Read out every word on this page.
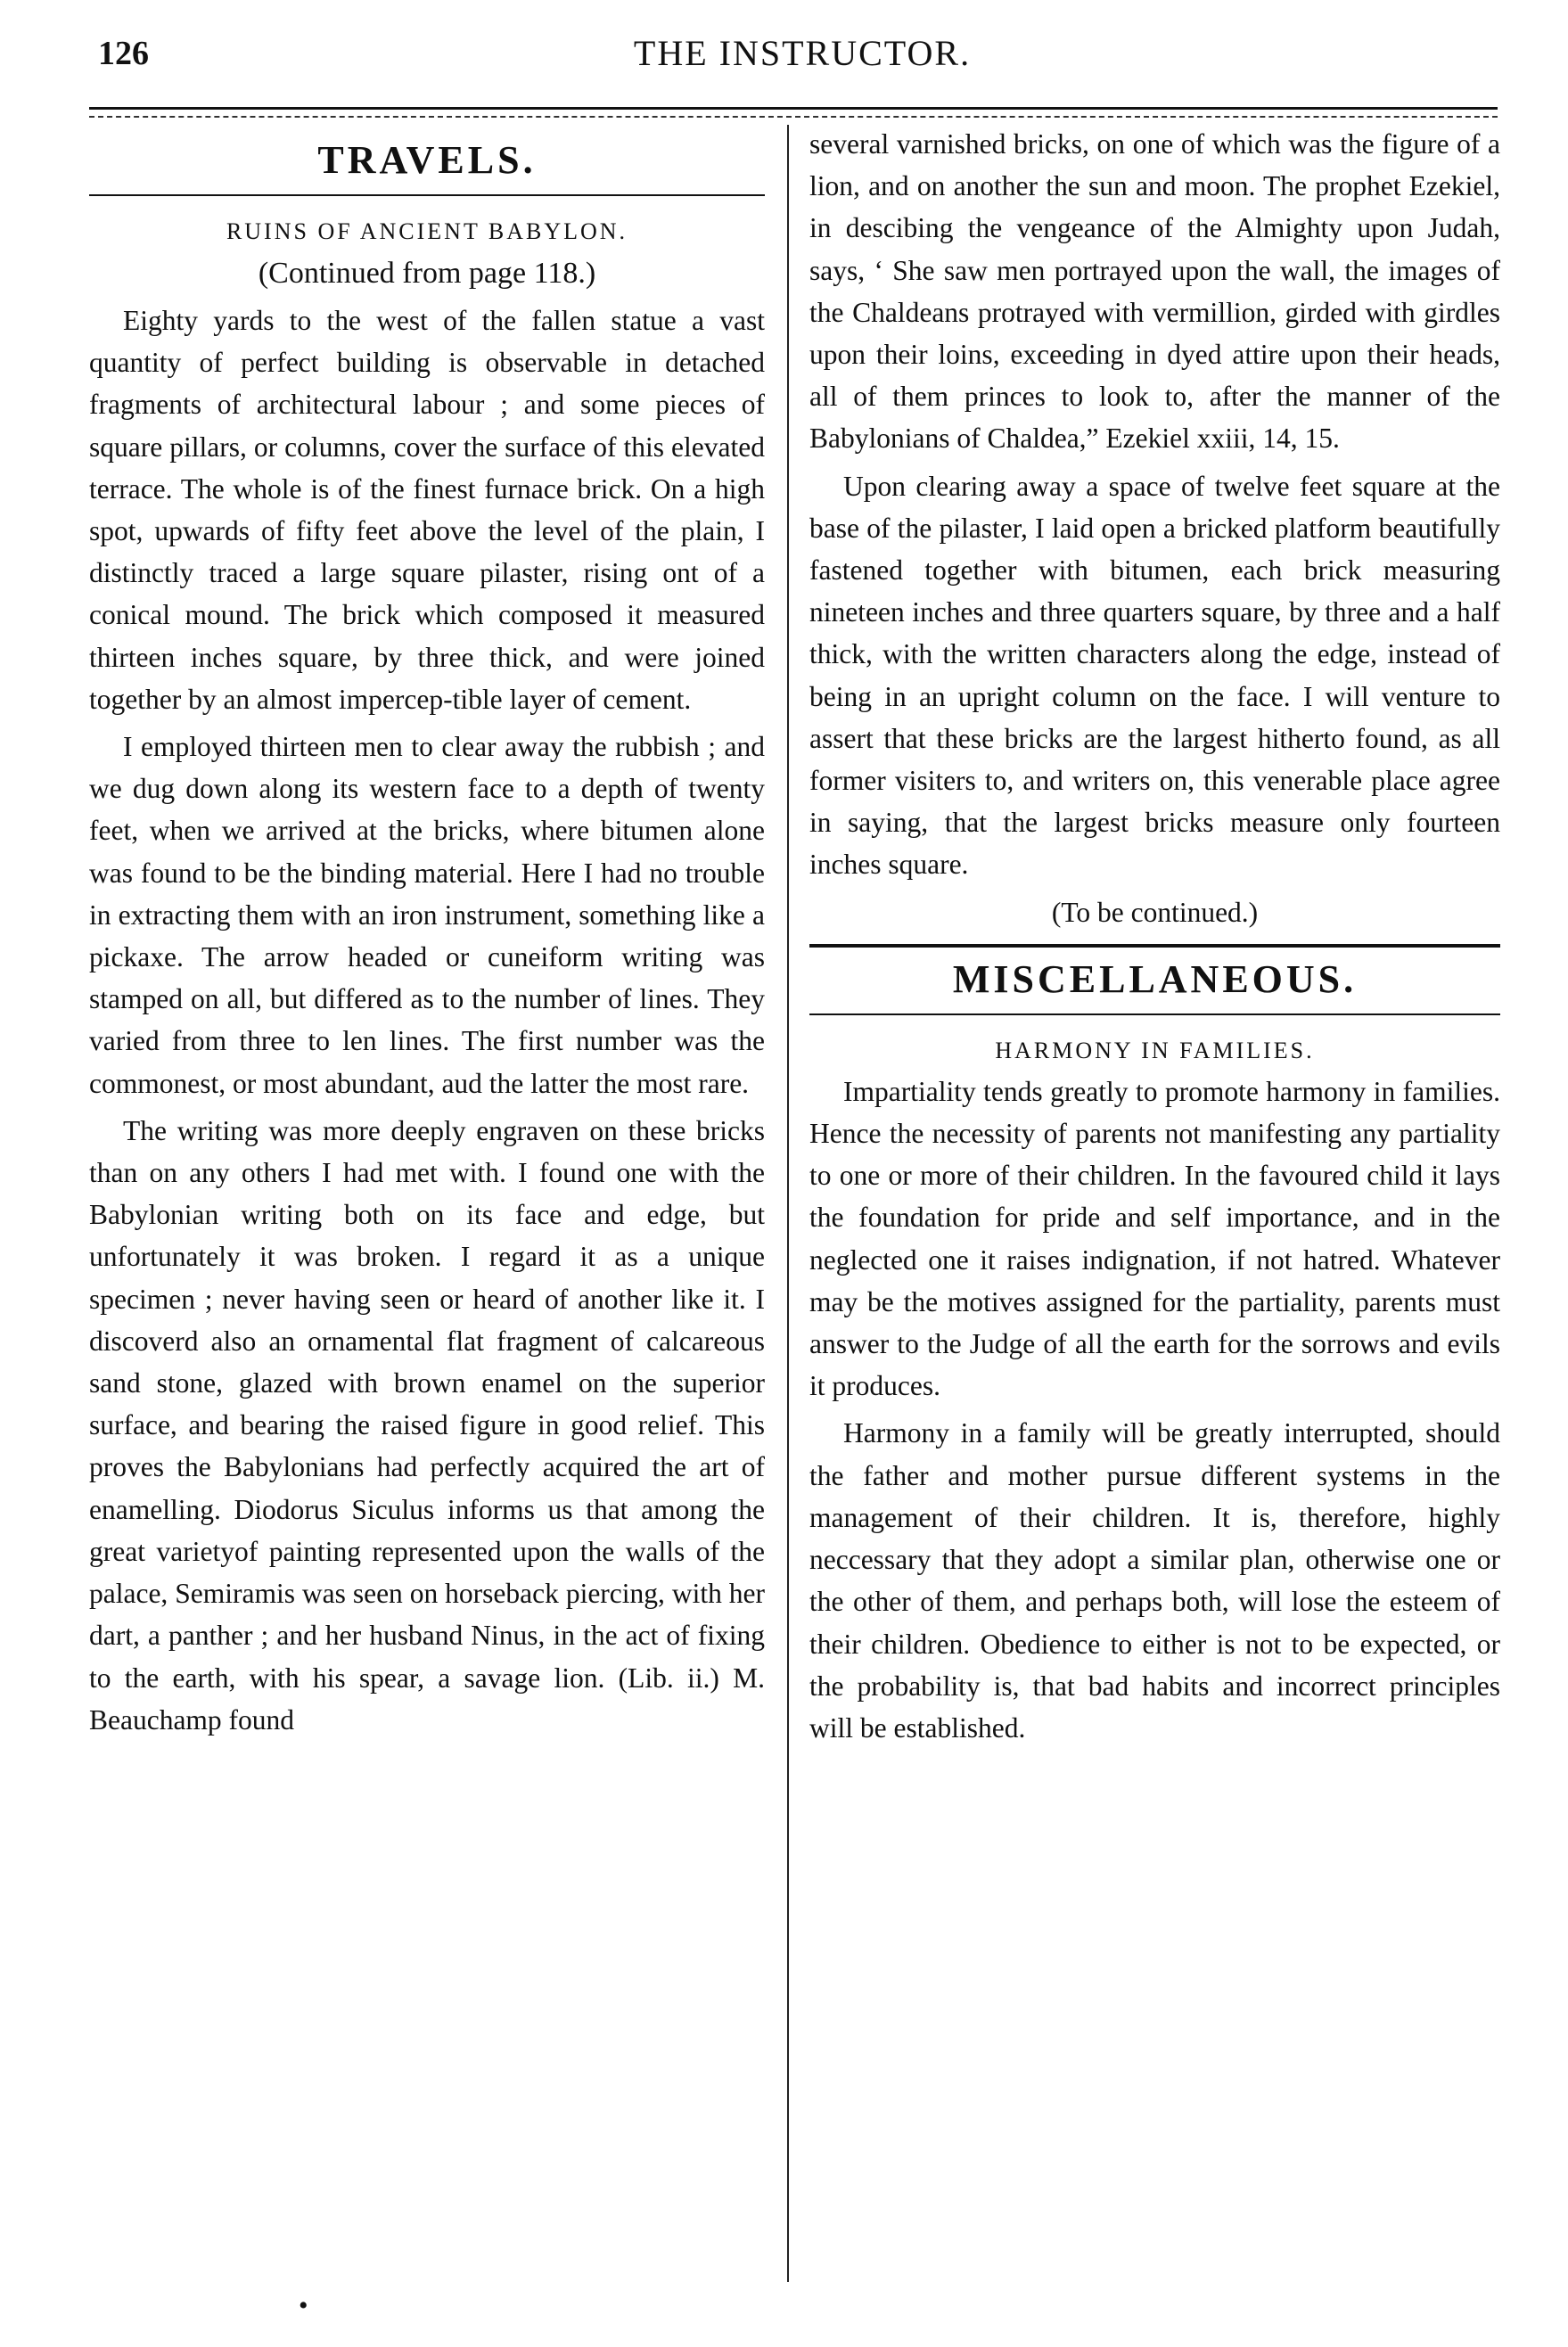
126	THE INSTRUCTOR.
TRAVELS.
RUINS OF ANCIENT BABYLON.
(Continued from page 118.)

Eighty yards to the west of the fallen statue a vast quantity of perfect building is observable in detached fragments of architectural labour ; and some pieces of square pillars, or columns, cover the surface of this elevated terrace. The whole is of the finest furnace brick. On a high spot, upwards of fifty feet above the level of the plain, I distinctly traced a large square pilaster, rising ont of a conical mound. The brick which composed it measured thirteen inches square, by three thick, and were joined together by an almost impercep-tible layer of cement.

I employed thirteen men to clear away the rubbish ; and we dug down along its western face to a depth of twenty feet, when we arrived at the bricks, where bitumen alone was found to be the binding material. Here I had no trouble in extracting them with an iron instrument, something like a pickaxe. The arrow headed or cuneiform writing was stamped on all, but differed as to the number of lines. They varied from three to len lines. The first number was the commonest, or most abundant, aud the latter the most rare.

The writing was more deeply engraven on these bricks than on any others I had met with. I found one with the Babylonian writing both on its face and edge, but unfortunately it was broken. I regard it as a unique specimen ; never having seen or heard of another like it. I discoverd also an ornamental flat fragment of calcareous sand stone, glazed with brown enamel on the superior surface, and bearing the raised figure in good relief. This proves the Babylonians had perfectly acquired the art of enamelling. Diodorus Siculus informs us that among the great varietyof painting represented upon the walls of the palace, Semiramis was seen on horseback piercing, with her dart, a panther ; and her husband Ninus, in the act of fixing to the earth, with his spear, a savage lion. (Lib. ii.) M. Beauchamp found

several varnished bricks, on one of which was the figure of a lion, and on another the sun and moon. The prophet Ezekiel, in descibing the vengeance of the Almighty upon Judah, says, ‘ She saw men portrayed upon the wall, the images of the Chaldeans protrayed with vermillion, girded with girdles upon their loins, exceeding in dyed attire upon their heads, all of them princes to look to, after the manner of the Babylonians of Chaldea,” Ezekiel xxiii, 14, 15.

Upon clearing away a space of twelve feet square at the base of the pilaster, I laid open a bricked platform beautifully fastened together with bitumen, each brick measuring nineteen inches and three quarters square, by three and a half thick, with the written characters along the edge, instead of being in an upright column on the face. I will venture to assert that these bricks are the largest hitherto found, as all former visiters to, and writers on, this venerable place agree in saying, that the largest bricks measure only fourteen inches square.

(To be continued.)
MISCELLANEOUS.
HARMONY IN FAMILIES.

Impartiality tends greatly to promote harmony in families. Hence the necessity of parents not manifesting any partiality to one or more of their children. In the favoured child it lays the foundation for pride and self importance, and in the neglected one it raises indignation, if not hatred. Whatever may be the motives assigned for the partiality, parents must answer to the Judge of all the earth for the sorrows and evils it produces.

Harmony in a family will be greatly interrupted, should the father and mother pursue different systems in the management of their children. It is, therefore, highly neccessary that they adopt a similar plan, otherwise one or the other of them, and perhaps both, will lose the esteem of their children. Obedience to either is not to be expected, or the probability is, that bad habits and incorrect principles will be established.

•
